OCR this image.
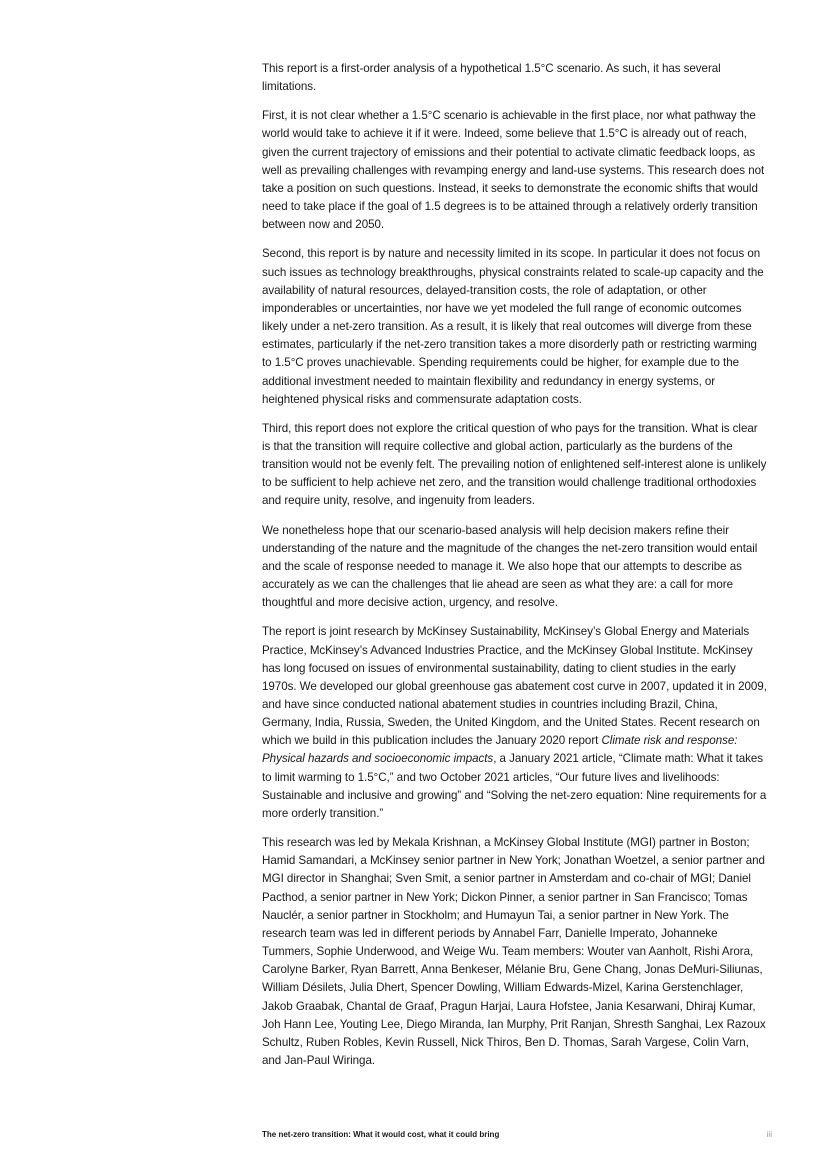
This report is a first-order analysis of a hypothetical 1.5°C scenario. As such, it has several limitations.

First, it is not clear whether a 1.5°C scenario is achievable in the first place, nor what pathway the world would take to achieve it if it were. Indeed, some believe that 1.5°C is already out of reach, given the current trajectory of emissions and their potential to activate climatic feedback loops, as well as prevailing challenges with revamping energy and land-use systems. This research does not take a position on such questions. Instead, it seeks to demonstrate the economic shifts that would need to take place if the goal of 1.5 degrees is to be attained through a relatively orderly transition between now and 2050.

Second, this report is by nature and necessity limited in its scope. In particular it does not focus on such issues as technology breakthroughs, physical constraints related to scale-up capacity and the availability of natural resources, delayed-transition costs, the role of adaptation, or other imponderables or uncertainties, nor have we yet modeled the full range of economic outcomes likely under a net-zero transition. As a result, it is likely that real outcomes will diverge from these estimates, particularly if the net-zero transition takes a more disorderly path or restricting warming to 1.5°C proves unachievable. Spending requirements could be higher, for example due to the additional investment needed to maintain flexibility and redundancy in energy systems, or heightened physical risks and commensurate adaptation costs.

Third, this report does not explore the critical question of who pays for the transition. What is clear is that the transition will require collective and global action, particularly as the burdens of the transition would not be evenly felt. The prevailing notion of enlightened self-interest alone is unlikely to be sufficient to help achieve net zero, and the transition would challenge traditional orthodoxies and require unity, resolve, and ingenuity from leaders.

We nonetheless hope that our scenario-based analysis will help decision makers refine their understanding of the nature and the magnitude of the changes the net-zero transition would entail and the scale of response needed to manage it. We also hope that our attempts to describe as accurately as we can the challenges that lie ahead are seen as what they are: a call for more thoughtful and more decisive action, urgency, and resolve.

The report is joint research by McKinsey Sustainability, McKinsey’s Global Energy and Materials Practice, McKinsey’s Advanced Industries Practice, and the McKinsey Global Institute. McKinsey has long focused on issues of environmental sustainability, dating to client studies in the early 1970s. We developed our global greenhouse gas abatement cost curve in 2007, updated it in 2009, and have since conducted national abatement studies in countries including Brazil, China, Germany, India, Russia, Sweden, the United Kingdom, and the United States. Recent research on which we build in this publication includes the January 2020 report Climate risk and response: Physical hazards and socioeconomic impacts, a January 2021 article, “Climate math: What it takes to limit warming to 1.5°C,” and two October 2021 articles, “Our future lives and livelihoods: Sustainable and inclusive and growing” and “Solving the net-zero equation: Nine requirements for a more orderly transition.”

This research was led by Mekala Krishnan, a McKinsey Global Institute (MGI) partner in Boston; Hamid Samandari, a McKinsey senior partner in New York; Jonathan Woetzel, a senior partner and MGI director in Shanghai; Sven Smit, a senior partner in Amsterdam and co-chair of MGI; Daniel Pacthod, a senior partner in New York; Dickon Pinner, a senior partner in San Francisco; Tomas Nauclér, a senior partner in Stockholm; and Humayun Tai, a senior partner in New York. The research team was led in different periods by Annabel Farr, Danielle Imperato, Johanneke Tummers, Sophie Underwood, and Weige Wu. Team members: Wouter van Aanholt, Rishi Arora, Carolyne Barker, Ryan Barrett, Anna Benkeser, Mélanie Bru, Gene Chang, Jonas DeMuri-Siliunas, William Désilets, Julia Dhert, Spencer Dowling, William Edwards-Mizel, Karina Gerstenchlager, Jakob Graabak, Chantal de Graaf, Pragun Harjai, Laura Hofstee, Jania Kesarwani, Dhiraj Kumar, Joh Hann Lee, Youting Lee, Diego Miranda, Ian Murphy, Prit Ranjan, Shresth Sanghai, Lex Razoux Schultz, Ruben Robles, Kevin Russell, Nick Thiros, Ben D. Thomas, Sarah Vargese, Colin Varn, and Jan-Paul Wiringa.

The net-zero transition: What it would cost, what it could bring	iii
